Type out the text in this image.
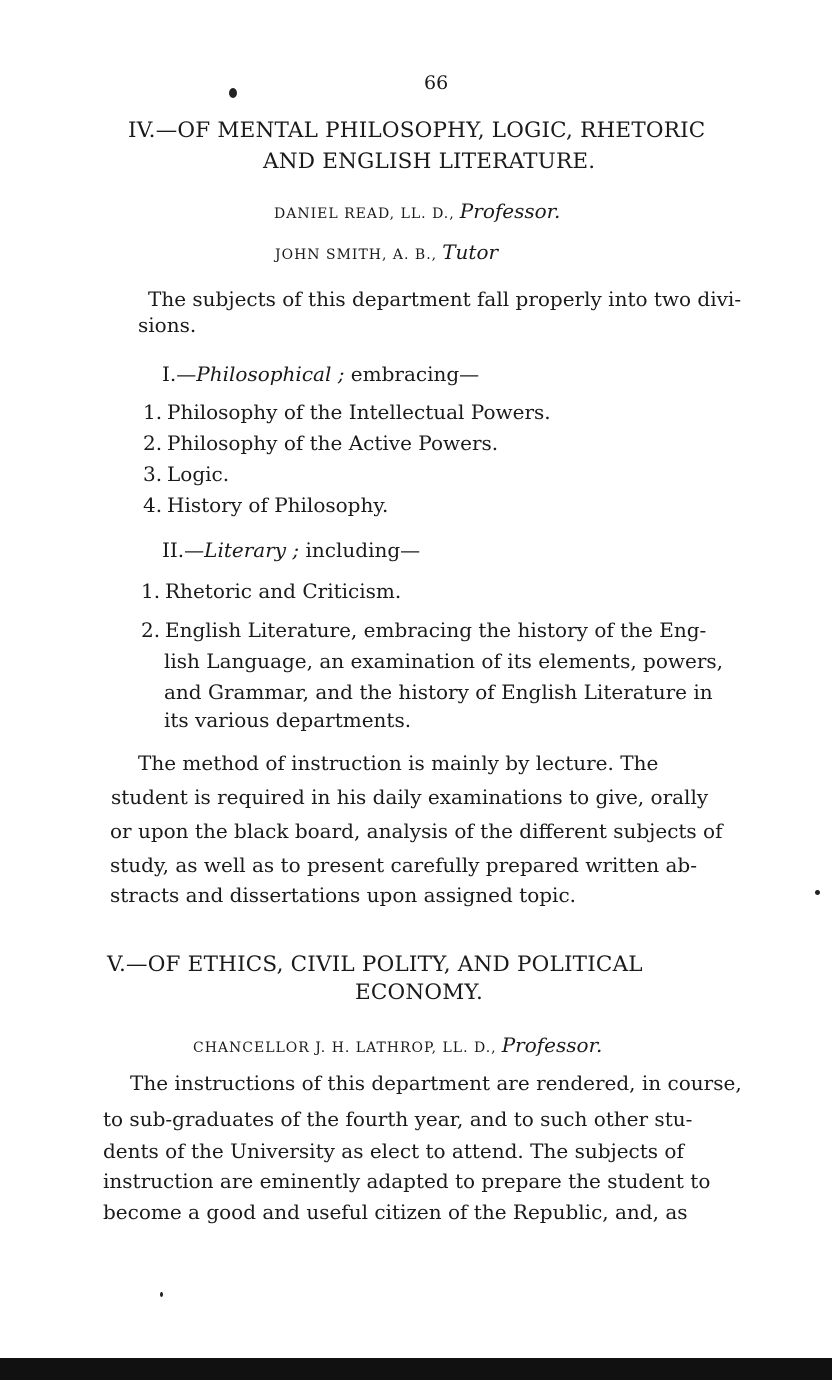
66
IV.—OF MENTAL PHILOSOPHY, LOGIC, RHETORIC
AND ENGLISH LITERATURE.
DANIEL READ, LL. D., Professor.
JOHN SMITH, A. B., Tutor
The subjects of this department fall properly into two divi-
sions.
I.—Philosophical ; embracing—
1. Philosophy of the Intellectual Powers.
2. Philosophy of the Active Powers.
3. Logic.
4. History of Philosophy.
II.—Literary ; including—
1. Rhetoric and Criticism.
2. English Literature, embracing the history of the Eng-
lish Language, an examination of its elements, powers,
and Grammar, and the history of English Literature in
its various departments.
The method of instruction is mainly by lecture. The
student is required in his daily examinations to give, orally
or upon the black board, analysis of the different subjects of
study, as well as to present carefully prepared written ab-
stracts and dissertations upon assigned topic.
V.—OF ETHICS, CIVIL POLITY, AND POLITICAL
ECONOMY.
CHANCELLOR J. H. LATHROP, LL. D., Professor.
The instructions of this department are rendered, in course,
to sub-graduates of the fourth year, and to such other stu-
dents of the University as elect to attend. The subjects of
instruction are eminently adapted to prepare the student to
become a good and useful citizen of the Republic, and, as
